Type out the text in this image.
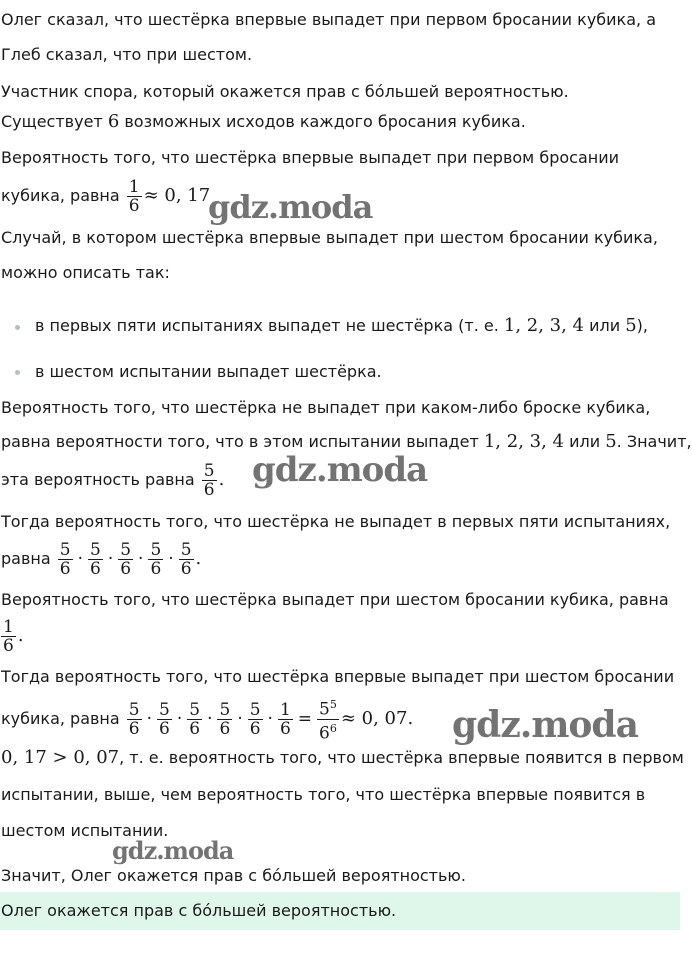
Олег сказал, что шестёрка впервые выпадет при первом бросании кубика, а
Глеб сказал, что при шестом.
Участник спора, который окажется прав с бóльшей вероятностью.
Существует 6 возможных исходов каждого бросания кубика.
Вероятность того, что шестёрка впервые выпадет при первом бросании
кубика, равна $\frac{1}{6} \approx 0$, 17
gdz.moda
Случай, в котором шестёрка впервые выпадет при шестом бросании кубика,
можно описать так:
в первых пяти испытаниях выпадет не шестёрка (т. е. 1, 2, 3, 4 или 5),
в шестом испытании выпадет шестёрка.
Вероятность того, что шестёрка не выпадет при каком-либо броске кубика,
равна вероятности того, что в этом испытании выпадет 1, 2, 3, 4 или 5. Значит,
эта вероятность равна $\frac{5}{6}$ . gdz.moda
Тогда вероятность того, что шестёрка не выпадет в первых пяти испытаниях,
равна $\frac{5}{6} \cdot \frac{5}{6} \cdot \frac{5}{6} \cdot \frac{5}{6} \cdot \frac{5}{6}$ .
Вероятность того, что шестёрка выпадет при шестом бросании кубика, равна
$\frac{1}{6}$ .
Тогда вероятность того, что шестёрка впервые выпадет при шестом бросании
кубика, равна $\frac{5}{6} \cdot \frac{5}{6} \cdot \frac{5}{6} \cdot \frac{5}{6} \cdot \frac{5}{6} \cdot \frac{1}{6} = \frac{5^5}{6^6} \approx 0$, 07. gdz.moda
0, 17 > 0, 07, т. е. вероятность того, что шестёрка впервые появится в первом
испытании, выше, чем вероятность того, что шестёрка впервые появится в
шестом испытании.
gdz.moda
Значит, Олег окажется прав с бóльшей вероятностью.
Олег окажется прав с бóльшей вероятностью.
